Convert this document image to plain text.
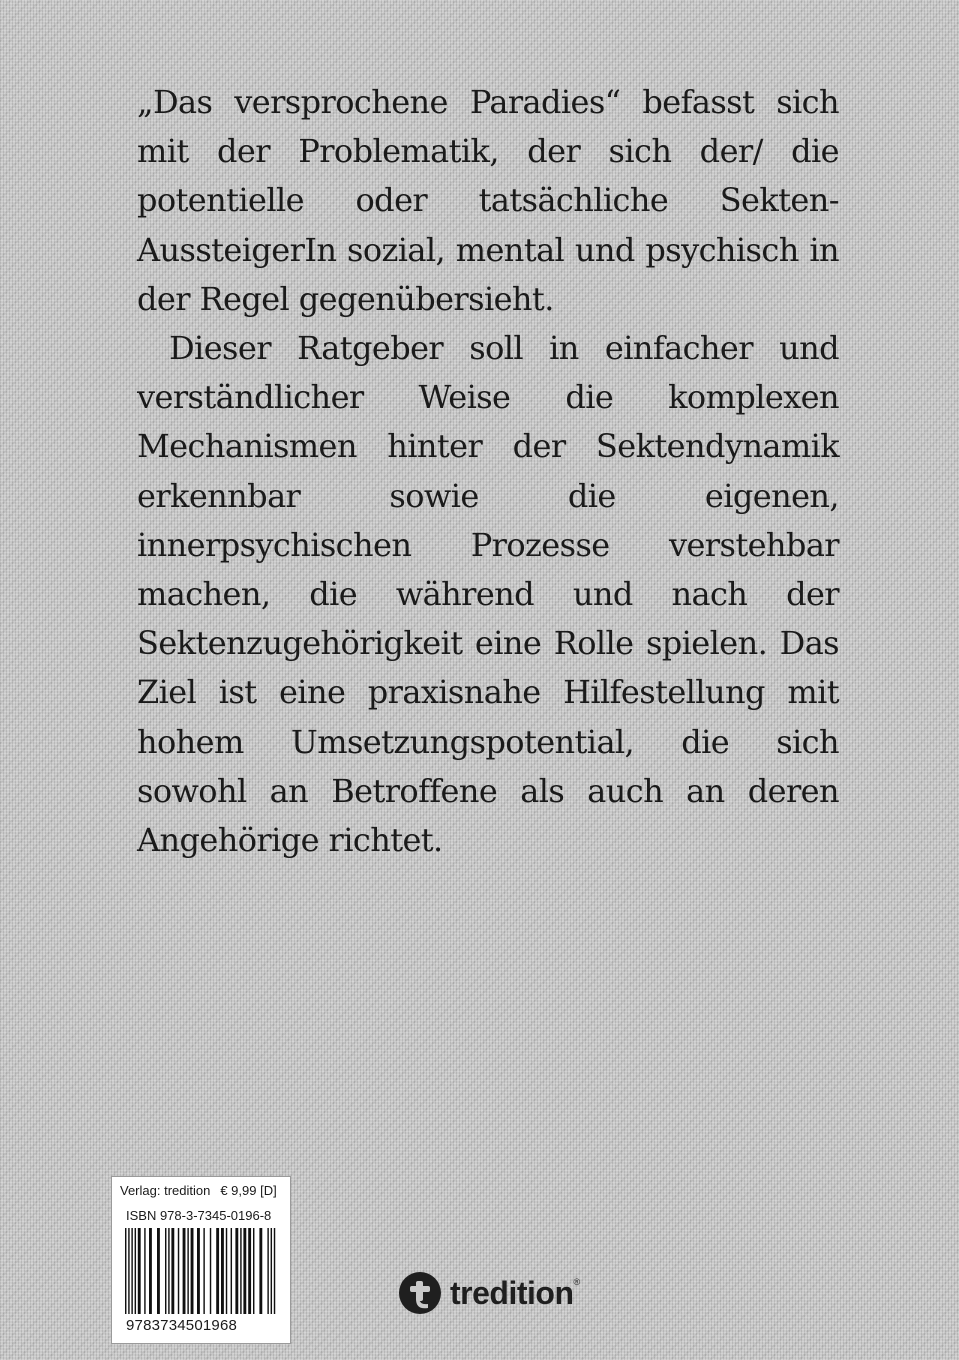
„Das versprochene Paradies“ befasst sich mit der Problematik, der sich der/ die potentielle oder tatsächliche Sekten- AussteigerIn sozial, mental und psychisch in der Regel gegenübersieht.

Dieser Ratgeber soll in einfacher und verständlicher Weise die komplexen Mechanismen hinter der Sektendynamik erkennbar sowie die eigenen, innerpsychischen Prozesse verstehbar machen, die während und nach der Sektenzugehörigkeit eine Rolle spielen. Das Ziel ist eine praxisnahe Hilfestellung mit hohem Umsetzungspotential, die sich sowohl an Betroffene als auch an deren Angehörige richtet.

Verlag: tredition € 9,99 [D]
ISBN 978-3-7345-0196-8
9783734501968
tredition ®
